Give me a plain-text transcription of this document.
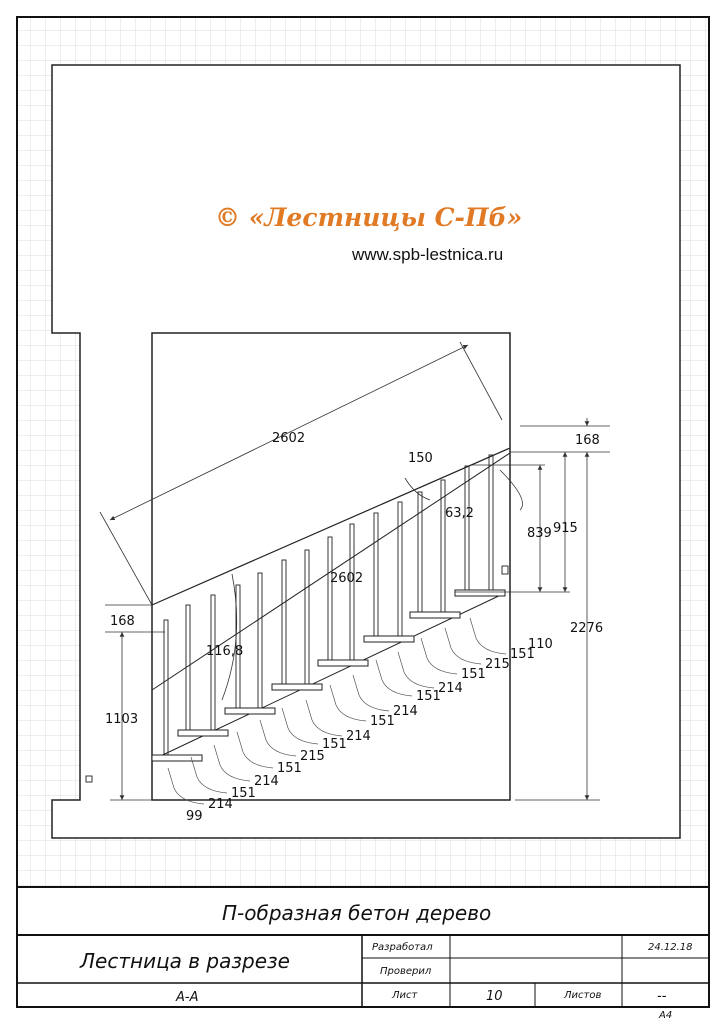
© «Лестницы С-Пб»
www.spb-lestnica.ru
2602
2602
150
63,2
116,8
168
839 915
2276
168
1103
214
151
214
151
215
151
214
151
214
151
214
151
215
151
99
110
П-образная бетон дерево
Лестница в разрезе
А-А
Разработал
Проверил
24.12.18
Лист	10	Листов	--
А4
